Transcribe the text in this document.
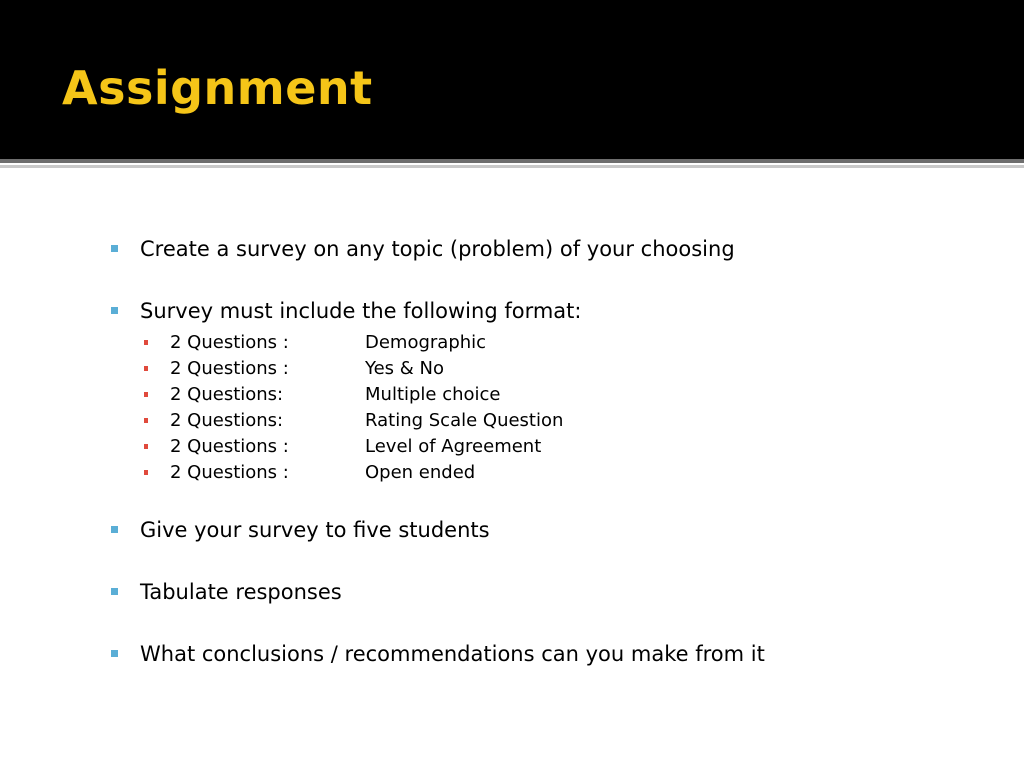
Assignment
Create a survey on any topic (problem) of your choosing
Survey must include the following format:
2 Questions :	Demographic
2 Questions :	Yes & No
2 Questions:	Multiple choice
2 Questions:	Rating Scale Question
2 Questions :	Level of Agreement
2 Questions :	Open ended
Give your survey to five students
Tabulate responses
What conclusions / recommendations can you make from it
